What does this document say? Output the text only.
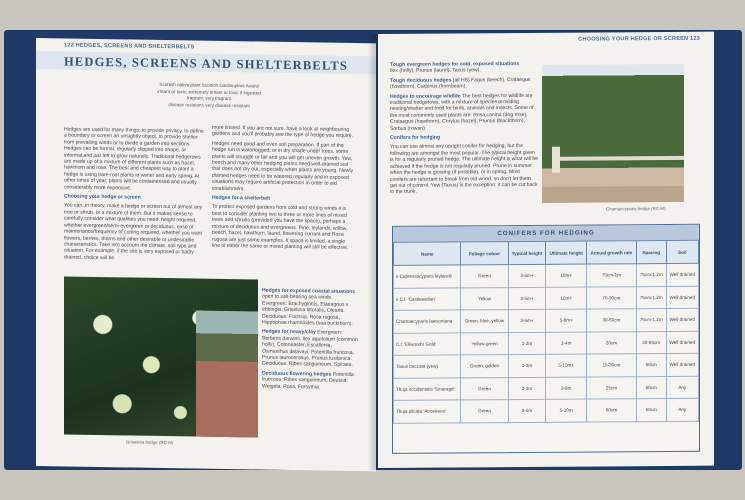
122 HEDGES, SCREENS AND SHELTERBELTS
HEDGES, SCREENS AND SHELTERBELTS
Scottish native plant Scottish Gardenplant Award
irritant or toxic; extremely irritant or toxic if ingested
fragrant; very fragrant
disease resistant; very disease resistant

Hedges are used for many things: to provide privacy, to define a boundary or screen an unsightly object, to provide shelter from prevailing winds or to divide a garden into sections. Hedges can be formal, regularly clipped into shape, or informal and just left to grow naturally. Traditional hedgerows are made up of a mixture of different plants such as hazel, hawthorn and rose. The best and cheapest way to plant a hedge is using bare-root plants in winter and early spring. At other times of year, plants will be containerised and usually considerably more expensive.

Choosing your hedge or screen

You can, in theory, make a hedge or screen out of almost any tree or shrub, or a mixture of them. But it makes sense to carefully consider what qualities you need: height required, whether evergreen/semi-evergreen or deciduous, ease of maintenance/frequency of cutting required, whether you want flowers, berries, thorns and other desirable or undesirable characteristics. Take into account the climate, soil type and situation. For example, if the site is very exposed or badly drained, choice will be

more limited. If you are not sure, have a look at neighbouring gardens and you'll probably see the type of hedge you require.

Hedges need good and even soil preparation. If part of the hedge run is waterlogged, or in dry shade under trees, some plants will struggle or fail and you will get uneven growth. Yew, beech and many other hedging plants need well-drained soil that does not dry out, especially when plants are young. Newly planted hedges need to be watered regularly and in exposed situations may require artificial protection in order to aid establishment.

Hedges for a shelterbelt

To protect exposed gardens from cold and strong winds it is best to consider planting two to three or more lines of mixed trees and shrubs (provided you have the space), perhaps a mixture of deciduous and evergreens. Pine, leylandii, willow, beech, hazel, hawthorn, laurel, flowering currant and Rosa rugosa are just some examples. If space is limited, a single line of either the same or mixed planting will still be effective.

Griselinia hedge (RC-M)

Hedges for exposed coastal situations open to salt-bearing sea winds. Evergreen: Brachyglottis, Elaeagnus x ebbingei, Griselinia littoralis, Olearia. Deciduous: Fuchsia, Rosa rugosa, Hippophae rhamnoides (sea buckthorn).

Hedges for heavy/clay Evergreen: Berberis darwinii, Ilex aquifolium (common holly), Cotoneaster, Escallonia, Osmanthus delavayi, Potentilla fruticosa, Prunus laurocerasus, Prunus lusitanica. Deciduous: Ribes sanguineum, Spiraea.

Deciduous flowering hedges Potentilla fruticosa, Ribes sanguineum, Deutzia, Weigela, Rosa, Forsythia.

CHOOSING YOUR HEDGE OR SCREEN 123

Tough evergreen hedges for cold, exposed situations
Ilex (holly), Prunus (laurel), Taxus (yew).

Tough deciduous hedges (all HS) Fagus (beech), Crataegus (hawthorn), Carpinus (hornbeam).

Hedges to encourage wildlife The best hedges for wildlife are traditional hedgerows, with a mixture of species providing nesting/shelter and food for birds, animals and insects. Some of the most commonly used plants are: Rosa canina (dog rose), Crataegus (hawthorn), Corylus (hazel), Prunus (blackthorn), Sorbus (rowan).

Conifers for hedging

You can use almost any upright conifer for hedging, but the following are amongst the most popular. The typical height given is for a regularly pruned hedge. The ultimate height is what will be achieved if the hedge is not regularly pruned. Prune in summer when the hedge is growing (if possible), or in spring. Most conifers are reluctant to break from old wood, so don't let them get out of control. Yew (Taxus) is the exception: it can be cut back to the trunk.

Chamaecyparis hedge (RC-M)
CONIFERS FOR HEDGING
Name	Foliage colour	Typical height	Ultimate height	Annual growth rate	Spacing	Soil
x Cupressocyparis leylandii	Green	3-5m+	10m+	75cm-1m	75cm-1.2m	Well drained
x C.l. 'Castlewellan'	Yellow	3-5m+	10m+	70-90cm	75cm-1.2m	Well drained
Chamaecyparis lawsoniana	Green, blue, yellow	3-5m+	5-8m+	30-60cm	75cm-1.2m	Well drained
C.l. 'Ellwood's Gold'	Yellow-green	1-2m	2-4m	20cm	40-60cm	Well drained
Taxus baccata (yew)	Green, golden	1-3m	5-10m+	15-30cm	60cm	Well drained
Thuja occidentalis 'Smaragd'	Green	2-3m	3-6m	25cm	60cm	Any
Thuja plicata 'Atrovirens'	Green	3-5m	5-10m	60cm	60cm	Any
